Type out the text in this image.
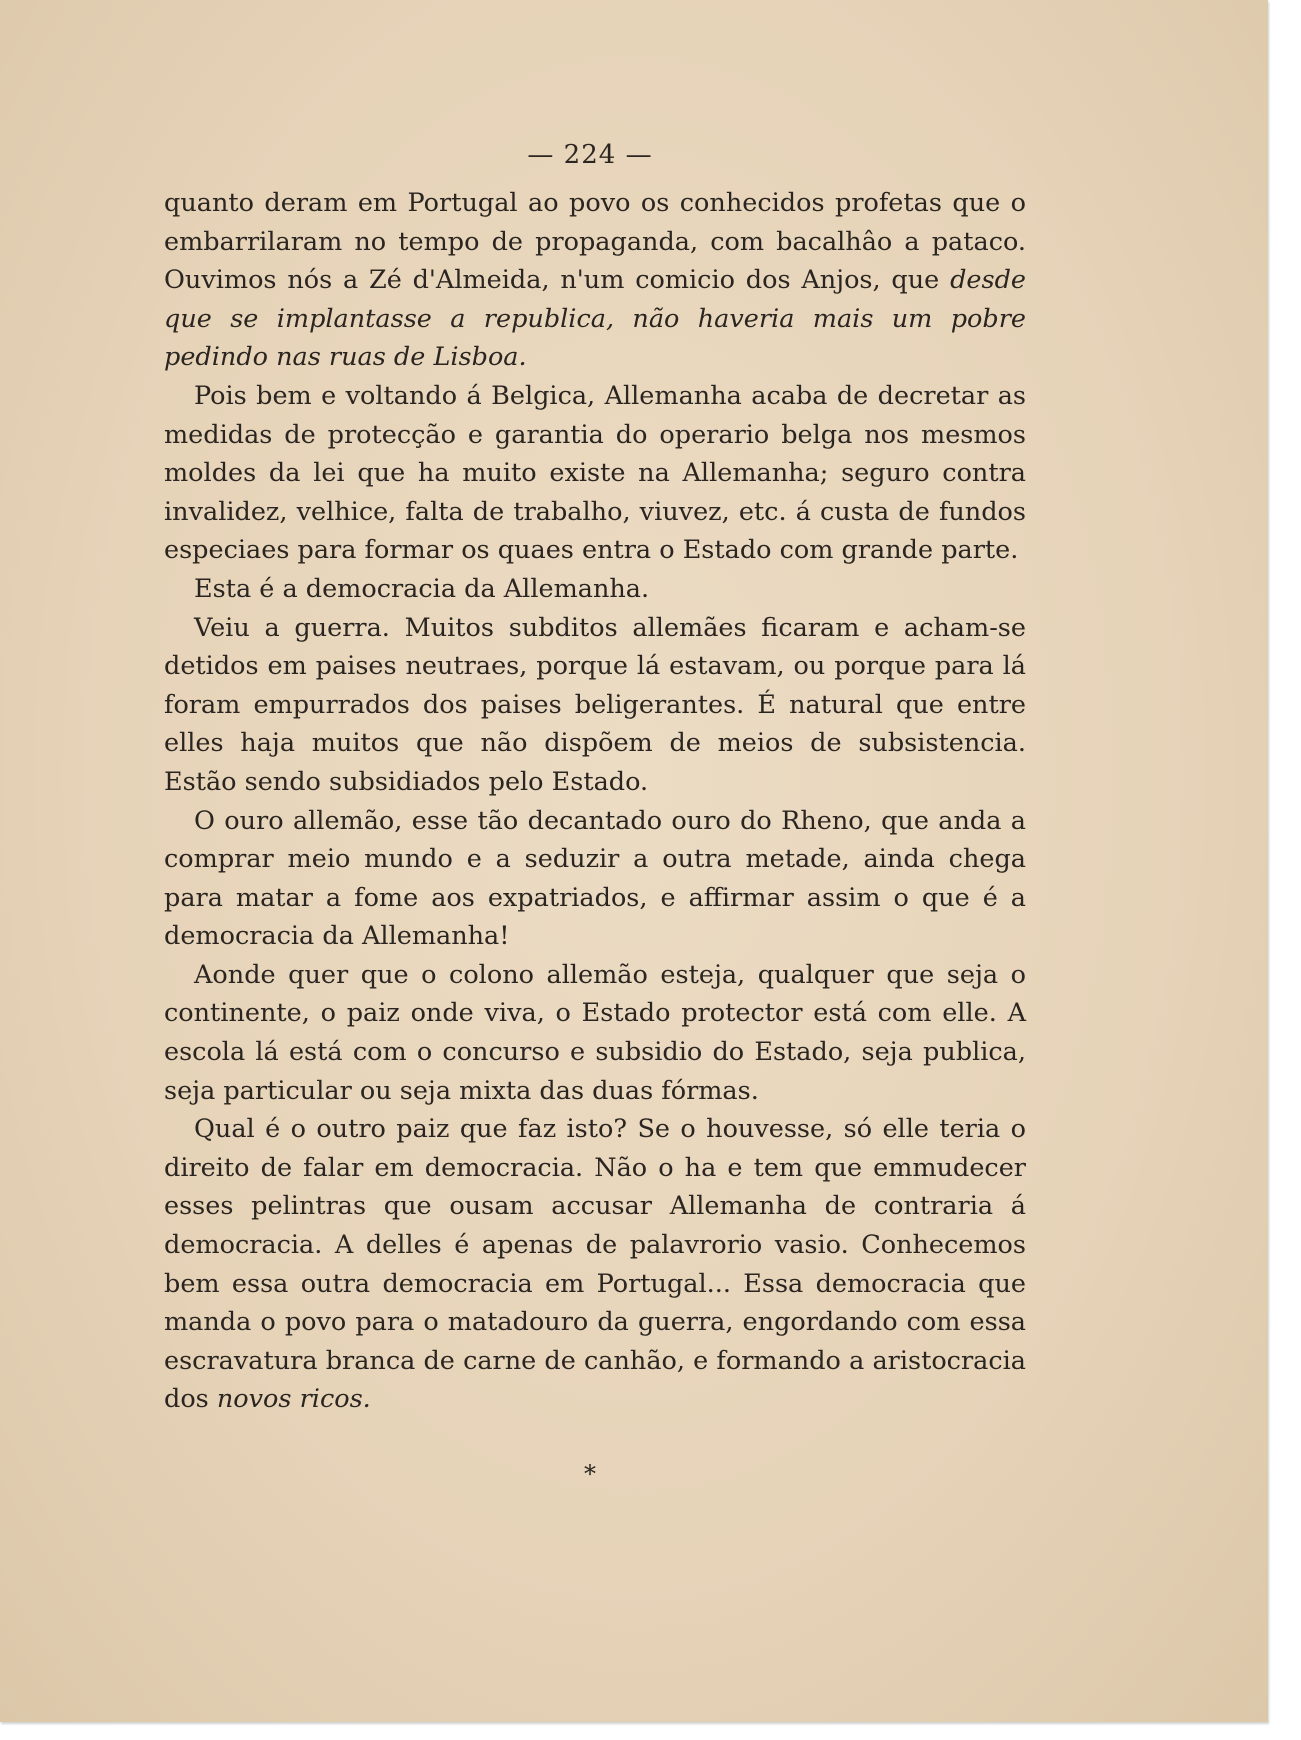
— 224 —

quanto deram em Portugal ao povo os conhecidos profetas que o embarrilaram no tempo de propaganda, com bacalhâo a pataco. Ouvimos nós a Zé d'Almeida, n'um comicio dos Anjos, que desde que se implantasse a republica, não haveria mais um pobre pedindo nas ruas de Lisboa.

Pois bem e voltando á Belgica, Allemanha acaba de decretar as medidas de protecção e garantia do operario belga nos mesmos moldes da lei que ha muito existe na Allemanha; seguro contra invalidez, velhice, falta de trabalho, viuvez, etc. á custa de fundos especiaes para formar os quaes entra o Estado com grande parte.

Esta é a democracia da Allemanha.

Veiu a guerra. Muitos subditos allemães ficaram e acham-se detidos em paises neutraes, porque lá estavam, ou porque para lá foram empurrados dos paises beligerantes. É natural que entre elles haja muitos que não dispõem de meios de subsistencia. Estão sendo subsidiados pelo Estado.

O ouro allemão, esse tão decantado ouro do Rheno, que anda a comprar meio mundo e a seduzir a outra metade, ainda chega para matar a fome aos expatriados, e affirmar assim o que é a democracia da Allemanha!

Aonde quer que o colono allemão esteja, qualquer que seja o continente, o paiz onde viva, o Estado protector está com elle. A escola lá está com o concurso e subsidio do Estado, seja publica, seja particular ou seja mixta das duas fórmas.

Qual é o outro paiz que faz isto? Se o houvesse, só elle teria o direito de falar em democracia. Não o ha e tem que emmudecer esses pelintras que ousam accusar Allemanha de contraria á democracia. A delles é apenas de palavrorio vasio. Conhecemos bem essa outra democracia em Portugal... Essa democracia que manda o povo para o matadouro da guerra, engordando com essa escravatura branca de carne de canhão, e formando a aristocracia dos novos ricos.

*
